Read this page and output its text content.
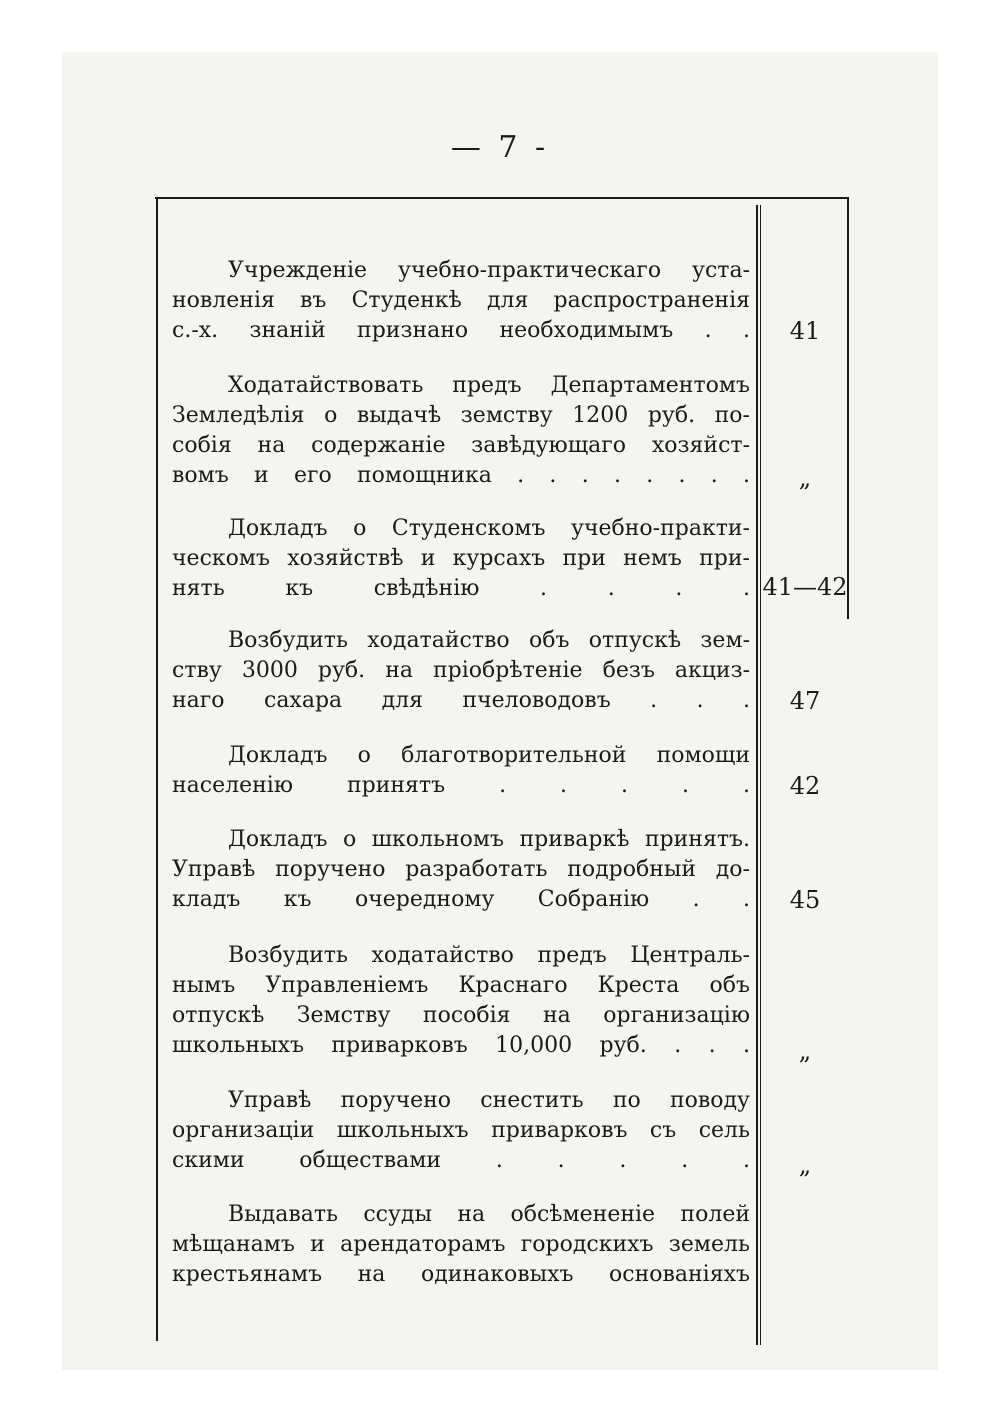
— 7 -
Учрежденіе учебно-практическаго уста-
новленія въ Студенкѣ для распространенія
с.-х. знаній признано необходимымъ . .	41
Ходатайствовать предъ Департаментомъ
Земледѣлія о выдачѣ земству 1200 руб. по-
собія на содержаніе завѣдующаго хозяйст-
вомъ и его помощника . . . . . . . .	„
Докладъ о Студенскомъ учебно-практи-
ческомъ хозяйствѣ и курсахъ при немъ при-
нять къ свѣдѣнію . . . . 41—42
Возбудить ходатайство объ отпускѣ зем-
ству 3000 руб. на пріобрѣтеніе безъ акциз-
наго сахара для пчеловодовъ . . .	47
Докладъ о благотворительной помощи
населенію принятъ . . . . .	42
Докладъ о школьномъ приваркѣ принятъ.
Управѣ поручено разработать подробный до-
кладъ къ очередному Собранію . .	45
Возбудить ходатайство предъ Централь-
нымъ Управленіемъ Краснаго Креста объ
отпускѣ Земству пособія на организацію
школьныхъ приварковъ 10,000 руб. . . .	„
Управѣ поручено снестить по поводу
организаціи школьныхъ приварковъ съ сель
скими обществами . . . . .	„
Выдавать ссуды на обсѣмененіе полей
мѣщанамъ и арендаторамъ городскихъ земель
крестьянамъ на одинаковыхъ основаніяхъ
